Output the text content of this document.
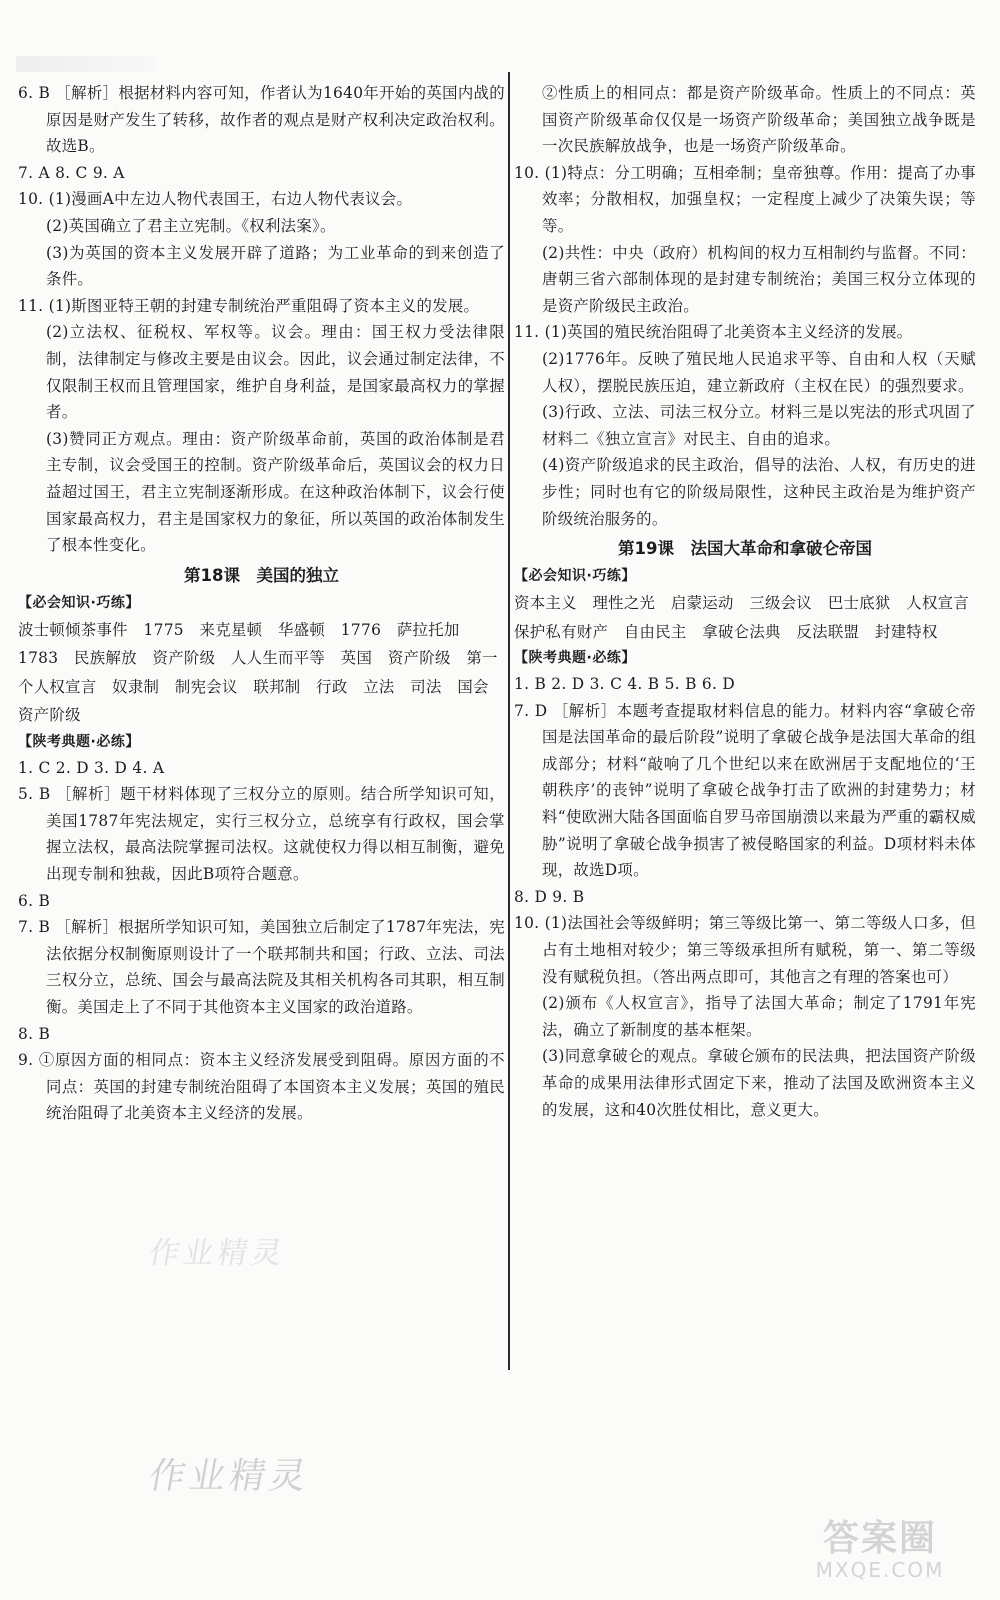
6. B ［解析］根据材料内容可知，作者认为1640年开始的英国内战的原因是财产发生了转移，故作者的观点是财产权利决定政治权利。故选B。

7. A 8. C 9. A

10. (1)漫画A中左边人物代表国王，右边人物代表议会。

(2)英国确立了君主立宪制。《权利法案》。

(3)为英国的资本主义发展开辟了道路；为工业革命的到来创造了条件。

11. (1)斯图亚特王朝的封建专制统治严重阻碍了资本主义的发展。

(2)立法权、征税权、军权等。议会。理由：国王权力受法律限制，法律制定与修改主要是由议会。因此，议会通过制定法律，不仅限制王权而且管理国家，维护自身利益，是国家最高权力的掌握者。

(3)赞同正方观点。理由：资产阶级革命前，英国的政治体制是君主专制，议会受国王的控制。资产阶级革命后，英国议会的权力日益超过国王，君主立宪制逐渐形成。在这种政治体制下，议会行使国家最高权力，君主是国家权力的象征，所以英国的政治体制发生了根本性变化。

第18课　美国的独立

【必会知识·巧练】

波士顿倾茶事件　1775　来克星顿　华盛顿　1776　萨拉托加　1783　民族解放　资产阶级　人人生而平等　英国　资产阶级　第一个人权宣言　奴隶制　制宪会议　联邦制　行政　立法　司法　国会　资产阶级

【陕考典题·必练】

1. C 2. D 3. D 4. A

5. B ［解析］题干材料体现了三权分立的原则。结合所学知识可知，美国1787年宪法规定，实行三权分立，总统享有行政权，国会掌握立法权，最高法院掌握司法权。这就使权力得以相互制衡，避免出现专制和独裁，因此B项符合题意。

6. B

7. B ［解析］根据所学知识可知，美国独立后制定了1787年宪法，宪法依据分权制衡原则设计了一个联邦制共和国；行政、立法、司法三权分立，总统、国会与最高法院及其相关机构各司其职，相互制衡。美国走上了不同于其他资本主义国家的政治道路。

8. B

9. ①原因方面的相同点：资本主义经济发展受到阻碍。原因方面的不同点：英国的封建专制统治阻碍了本国资本主义发展；英国的殖民统治阻碍了北美资本主义经济的发展。

②性质上的相同点：都是资产阶级革命。性质上的不同点：英国资产阶级革命仅仅是一场资产阶级革命；美国独立战争既是一次民族解放战争，也是一场资产阶级革命。

10. (1)特点：分工明确；互相牵制；皇帝独尊。作用：提高了办事效率；分散相权，加强皇权；一定程度上减少了决策失误；等等。

(2)共性：中央（政府）机构间的权力互相制约与监督。不同：唐朝三省六部制体现的是封建专制统治；美国三权分立体现的是资产阶级民主政治。

11. (1)英国的殖民统治阻碍了北美资本主义经济的发展。

(2)1776年。反映了殖民地人民追求平等、自由和人权（天赋人权），摆脱民族压迫，建立新政府（主权在民）的强烈要求。

(3)行政、立法、司法三权分立。材料三是以宪法的形式巩固了材料二《独立宣言》对民主、自由的追求。

(4)资产阶级追求的民主政治，倡导的法治、人权，有历史的进步性；同时也有它的阶级局限性，这种民主政治是为维护资产阶级统治服务的。

第19课　法国大革命和拿破仑帝国

【必会知识·巧练】

资本主义　理性之光　启蒙运动　三级会议　巴士底狱　人权宣言　保护私有财产　自由民主　拿破仑法典　反法联盟　封建特权

【陕考典题·必练】

1. B 2. D 3. C 4. B 5. B 6. D

7. D ［解析］本题考查提取材料信息的能力。材料内容“拿破仑帝国是法国革命的最后阶段”说明了拿破仑战争是法国大革命的组成部分；材料“敲响了几个世纪以来在欧洲居于支配地位的‘王朝秩序’的丧钟”说明了拿破仑战争打击了欧洲的封建势力；材料“使欧洲大陆各国面临自罗马帝国崩溃以来最为严重的霸权威胁”说明了拿破仑战争损害了被侵略国家的利益。D项材料未体现，故选D项。

8. D 9. B

10. (1)法国社会等级鲜明；第三等级比第一、第二等级人口多，但占有土地相对较少；第三等级承担所有赋税，第一、第二等级没有赋税负担。（答出两点即可，其他言之有理的答案也可）

(2)颁布《人权宣言》，指导了法国大革命；制定了1791年宪法，确立了新制度的基本框架。

(3)同意拿破仑的观点。拿破仑颁布的民法典，把法国资产阶级革命的成果用法律形式固定下来，推动了法国及欧洲资本主义的发展，这和40次胜仗相比，意义更大。

作业精灵
作业精灵
答案圈
MXQE.COM
